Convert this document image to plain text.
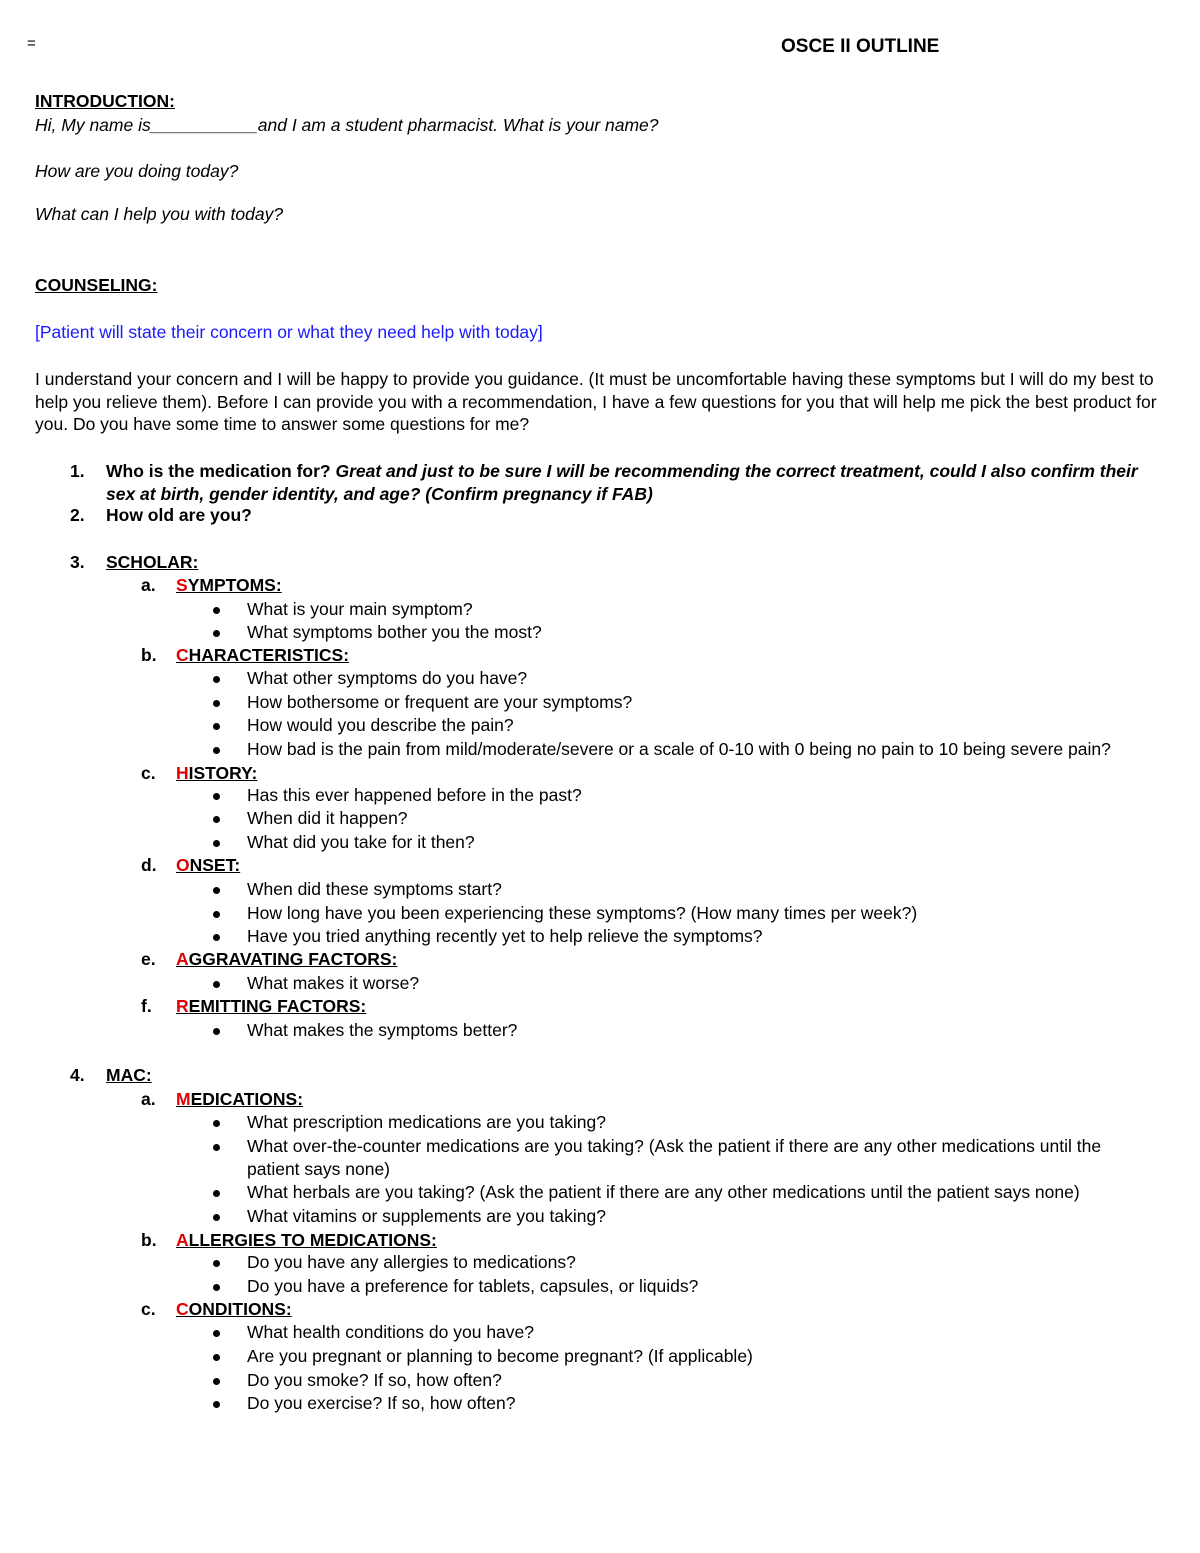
=	OSCE II OUTLINE
INTRODUCTION:
Hi, My name is___________and I am a student pharmacist. What is your name?
How are you doing today?
What can I help you with today?
COUNSELING:
[Patient will state their concern or what they need help with today]
I understand your concern and I will be happy to provide you guidance. (It must be uncomfortable having these symptoms but I will do my best to help you relieve them). Before I can provide you with a recommendation, I have a few questions for you that will help me pick the best product for you. Do you have some time to answer some questions for me?
1.	Who is the medication for? Great and just to be sure I will be recommending the correct treatment, could I also confirm their sex at birth, gender identity, and age? (Confirm pregnancy if FAB)
2.	How old are you?
3.	SCHOLAR:
a. SYMPTOMS:
What is your main symptom?
What symptoms bother you the most?
b. CHARACTERISTICS:
What other symptoms do you have?
How bothersome or frequent are your symptoms?
How would you describe the pain?
How bad is the pain from mild/moderate/severe or a scale of 0-10 with 0 being no pain to 10 being severe pain?
c. HISTORY:
Has this ever happened before in the past?
When did it happen?
What did you take for it then?
d. ONSET:
When did these symptoms start?
How long have you been experiencing these symptoms? (How many times per week?)
Have you tried anything recently yet to help relieve the symptoms?
e. AGGRAVATING FACTORS:
What makes it worse?
f. REMITTING FACTORS:
What makes the symptoms better?
4.	MAC:
a. MEDICATIONS:
What prescription medications are you taking?
What over-the-counter medications are you taking? (Ask the patient if there are any other medications until the
patient says none)
What herbals are you taking? (Ask the patient if there are any other medications until the patient says none)
What vitamins or supplements are you taking?
b. ALLERGIES TO MEDICATIONS:
Do you have any allergies to medications?
Do you have a preference for tablets, capsules, or liquids?
c. CONDITIONS:
What health conditions do you have?
Are you pregnant or planning to become pregnant? (If applicable)
Do you smoke? If so, how often?
Do you exercise? If so, how often?
